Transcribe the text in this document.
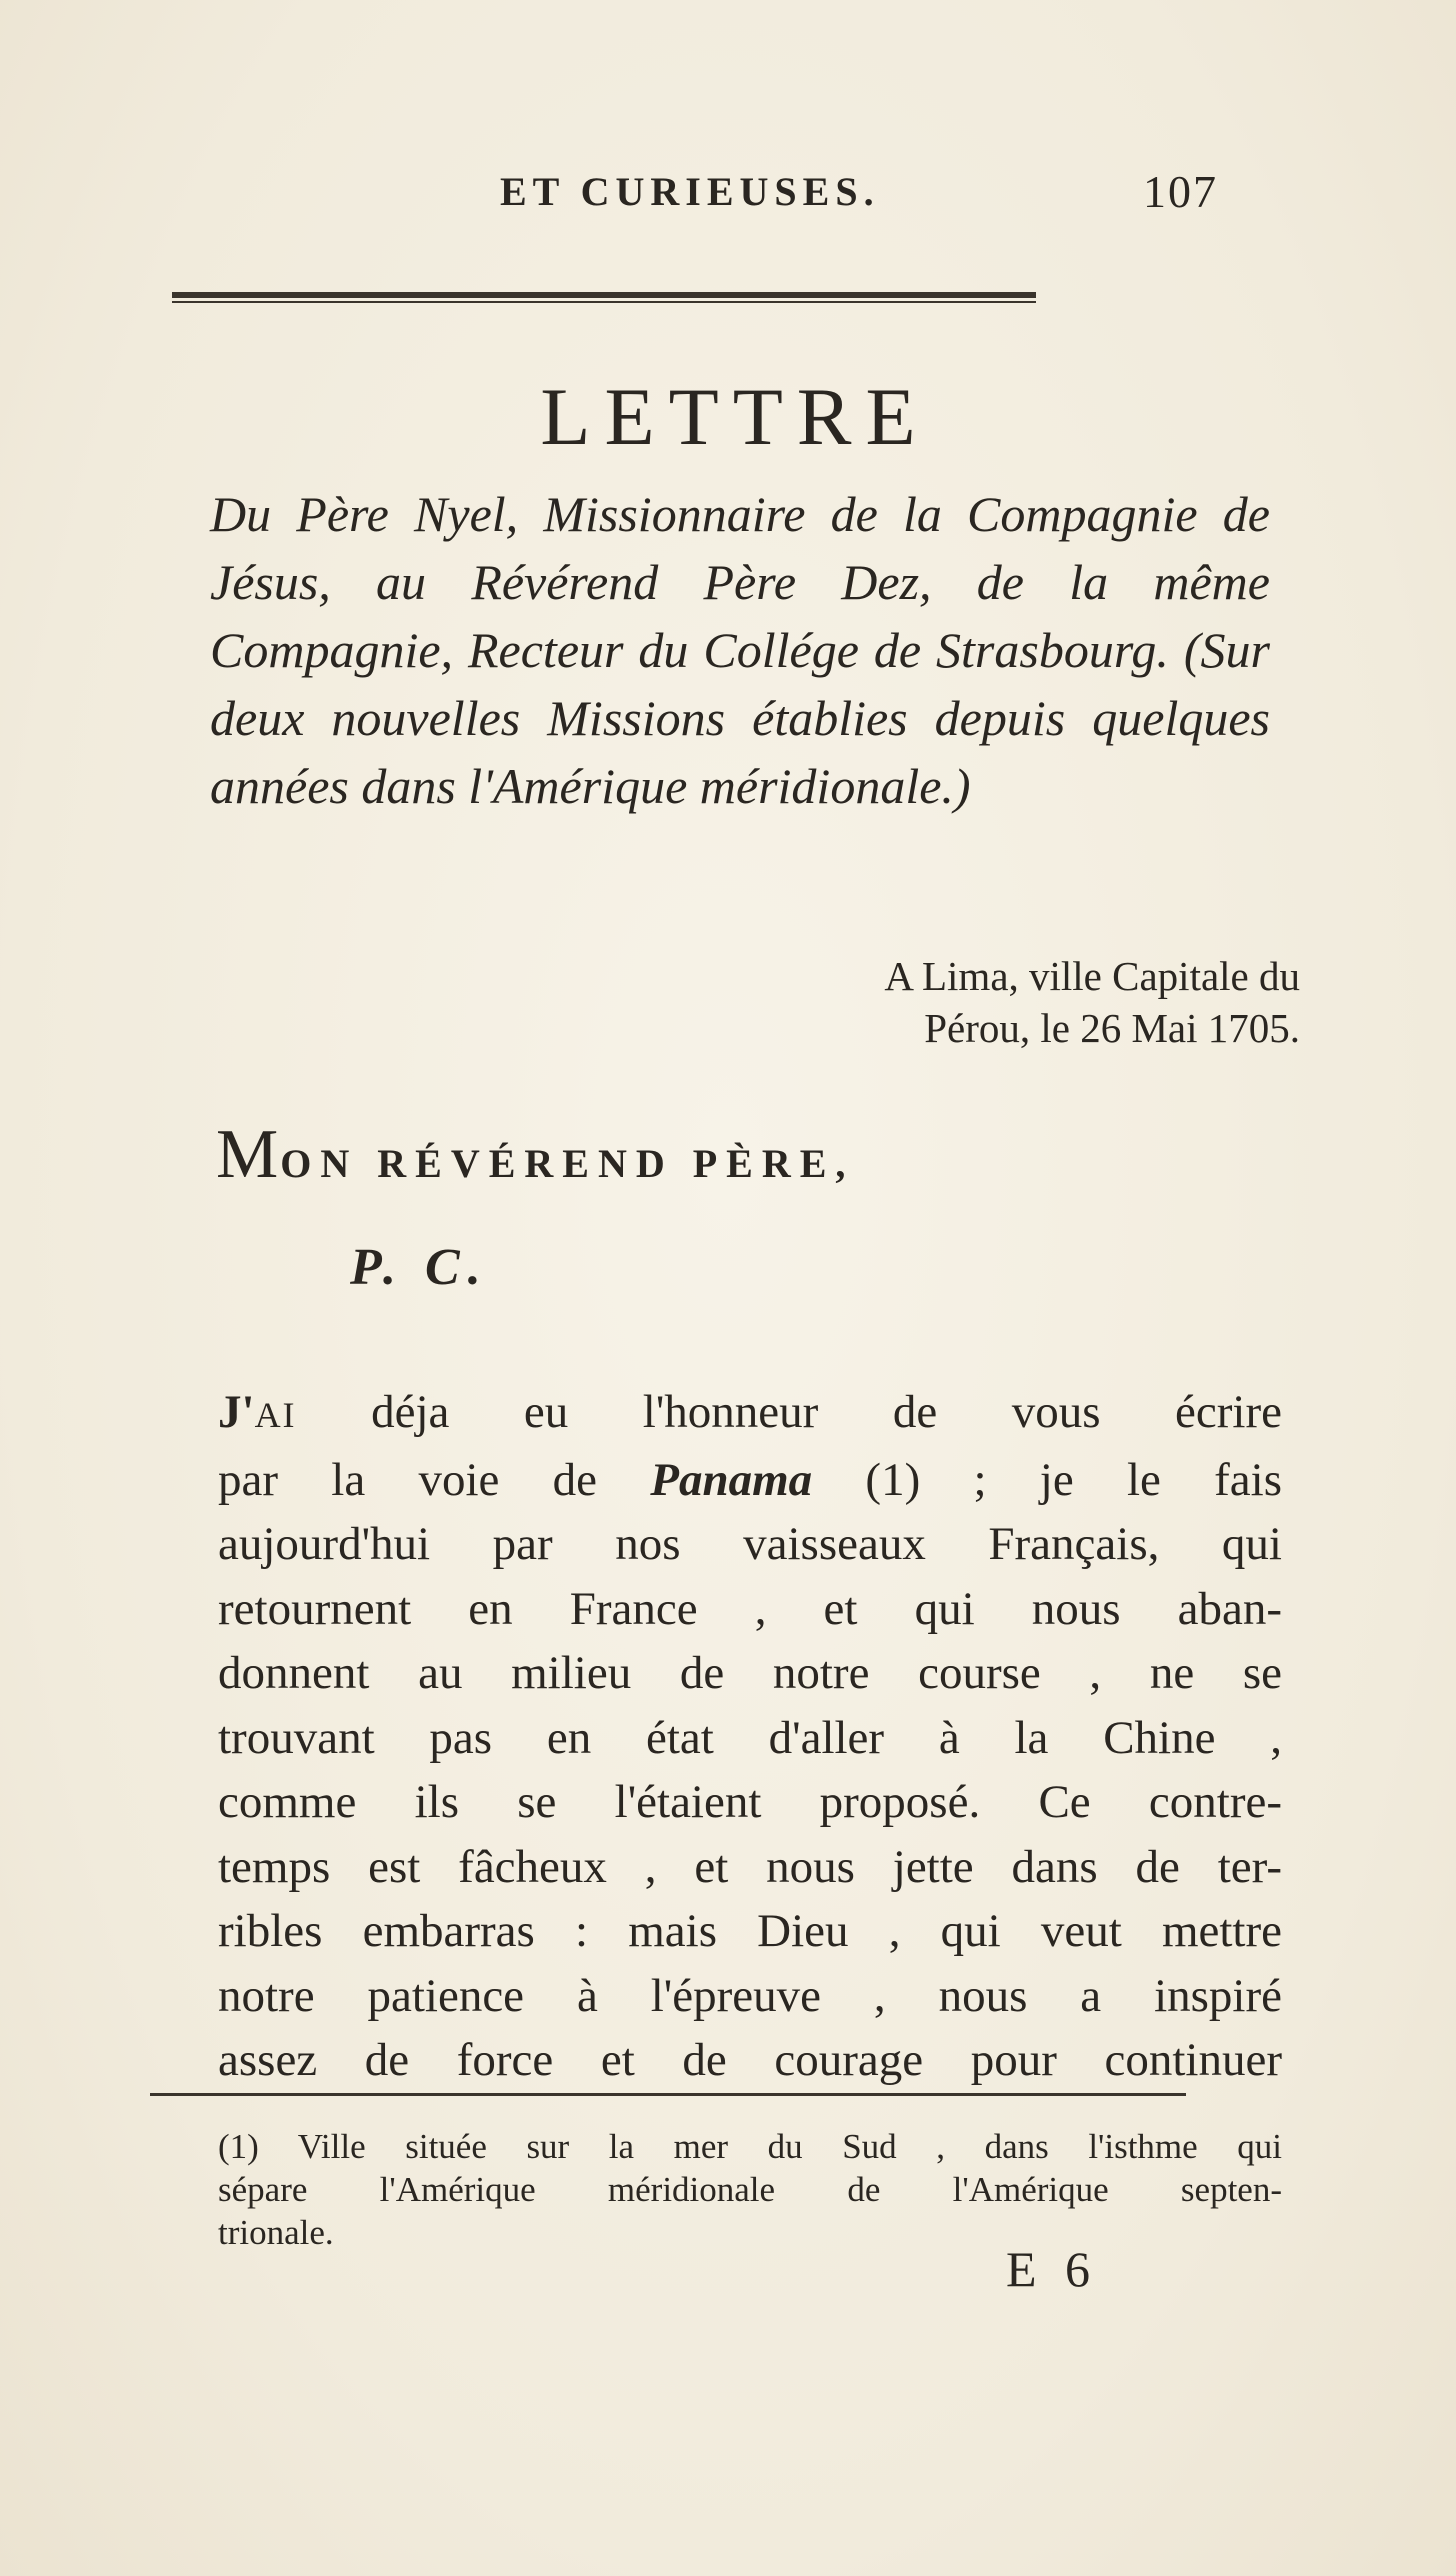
ET CURIEUSES.	107
LETTRE
Du Père Nyel, Missionnaire de la Compagnie de Jésus, au Révérend Père Dez, de la même Compagnie, Recteur du Collége de Strasbourg. (Sur deux nouvelles Missions établies depuis quelques années dans l'Amérique méridionale.)
A Lima, ville Capitale du
Pérou, le 26 Mai 1705.
MON RÉVÉREND PÈRE,
P. C.
J'AI déja eu l'honneur de vous écrire
par la voie de Panama (1) ; je le fais
aujourd'hui par nos vaisseaux Français, qui
retournent en France , et qui nous aban-
donnent au milieu de notre course , ne se
trouvant pas en état d'aller à la Chine ,
comme ils se l'étaient proposé. Ce contre-
temps est fâcheux , et nous jette dans de ter-
ribles embarras : mais Dieu , qui veut mettre
notre patience à l'épreuve , nous a inspiré
assez de force et de courage pour continuer
(1) Ville située sur la mer du Sud , dans l'isthme qui
sépare l'Amérique méridionale de l'Amérique septen-
trionale.
E 6
